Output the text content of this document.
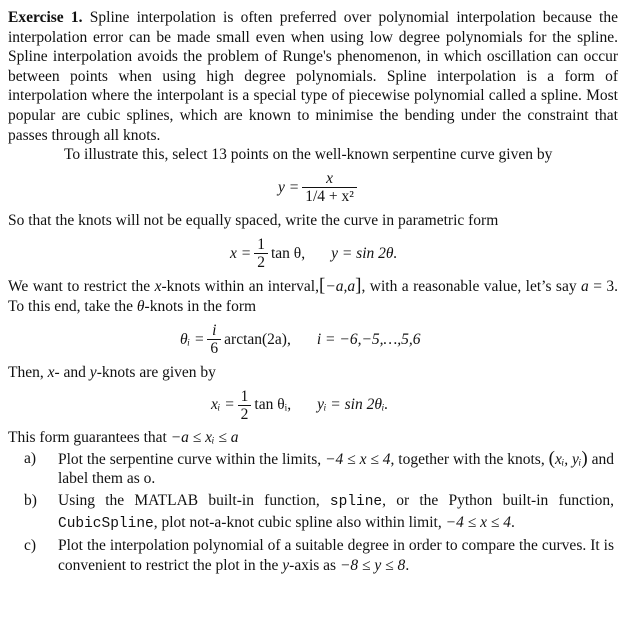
Exercise 1. Spline interpolation is often preferred over polynomial interpolation because the interpolation error can be made small even when using low degree polynomials for the spline. Spline interpolation avoids the problem of Runge's phenomenon, in which oscillation can occur between points when using high degree polynomials. Spline interpolation is a form of interpolation where the interpolant is a special type of piecewise polynomial called a spline. Most popular are cubic splines, which are known to minimise the bending under the constraint that passes through all knots.

To illustrate this, select 13 points on the well-known serpentine curve given by

$y = \frac{x}{\text{1/4 + x²}}$

So that the knots will not be equally spaced, write the curve in parametric form

$x = \frac{1}{2}$ tan θ, y = sin 2θ.

We want to restrict the x-knots within an interval,[−a,a], with a reasonable value, let’s say a = 3. To this end, take the θ-knots in the form

θᵢ = $\frac{i}{6} \arctan(2a)$, i = −6,−5,…,5,6

Then, x- and y-knots are given by

xᵢ = $\frac{1}{2}$ tan θᵢ, yᵢ = sin 2θᵢ.

This form guarantees that −a ≤ xᵢ ≤ a

a)	Plot the serpentine curve within the limits, −4 ≤ x ≤ 4, together with the knots, (xᵢ, yᵢ) and label them as o.
b)	Using the MATLAB built-in function, spline, or the Python built-in function, CubicSpline, plot not-a-knot cubic spline also within limit, −4 ≤ x ≤ 4.
c)	Plot the interpolation polynomial of a suitable degree in order to compare the curves. It is convenient to restrict the plot in the y-axis as −8 ≤ y ≤ 8.
